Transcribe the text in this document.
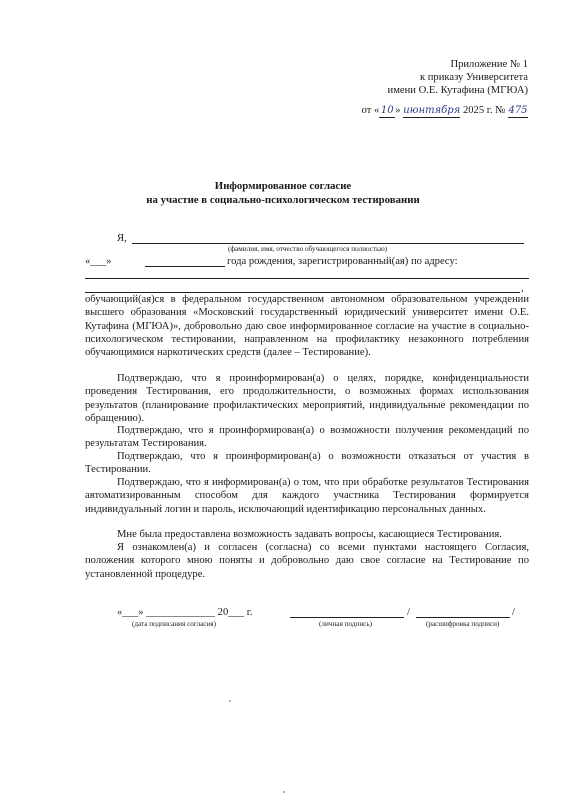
Приложение № 1
к приказу Университета
имени О.Е. Кутафина (МГЮА)
от « 10 » июнтября 2025 г. № 475
Информированное согласие
на участие в социально-психологическом тестировании
Я,
(фамилия, имя, отчество обучающегося полностью)
«___»	года рождения, зарегистрированный(ая) по адресу:
,
обучающий(ая)ся в федеральном государственном автономном образовательном учреждении высшего образования «Московский государственный юридический университет имени О.Е. Кутафина (МГЮА)», добровольно даю свое информированное согласие на участие в социально-психологическом тестировании, направленном на профилактику незаконного потребления обучающимися наркотических средств (далее – Тестирование).
Подтверждаю, что я проинформирован(а) о целях, порядке, конфиденциальности проведения Тестирования, его продолжительности, о возможных формах использования результатов (планирование профилактических мероприятий, индивидуальные рекомендации по обращению).
Подтверждаю, что я проинформирован(а) о возможности получения рекомендаций по результатам Тестирования.
Подтверждаю, что я проинформирован(а) о возможности отказаться от участия в Тестировании.
Подтверждаю, что я информирован(а) о том, что при обработке результатов Тестирования автоматизированным способом для каждого участника Тестирования формируется индивидуальный логин и пароль, исключающий идентификацию персональных данных.
Мне была предоставлена возможность задавать вопросы, касающиеся Тестирования.
Я ознакомлен(а) и согласен (согласна) со всеми пунктами настоящего Согласия, положения которого мною поняты и добровольно даю свое согласие на Тестирование по установленной процедуре.
«___» _____________ 20___ г.	/	/
(дата подписания согласия)	(личная подпись)	(расшифровка подписи)
